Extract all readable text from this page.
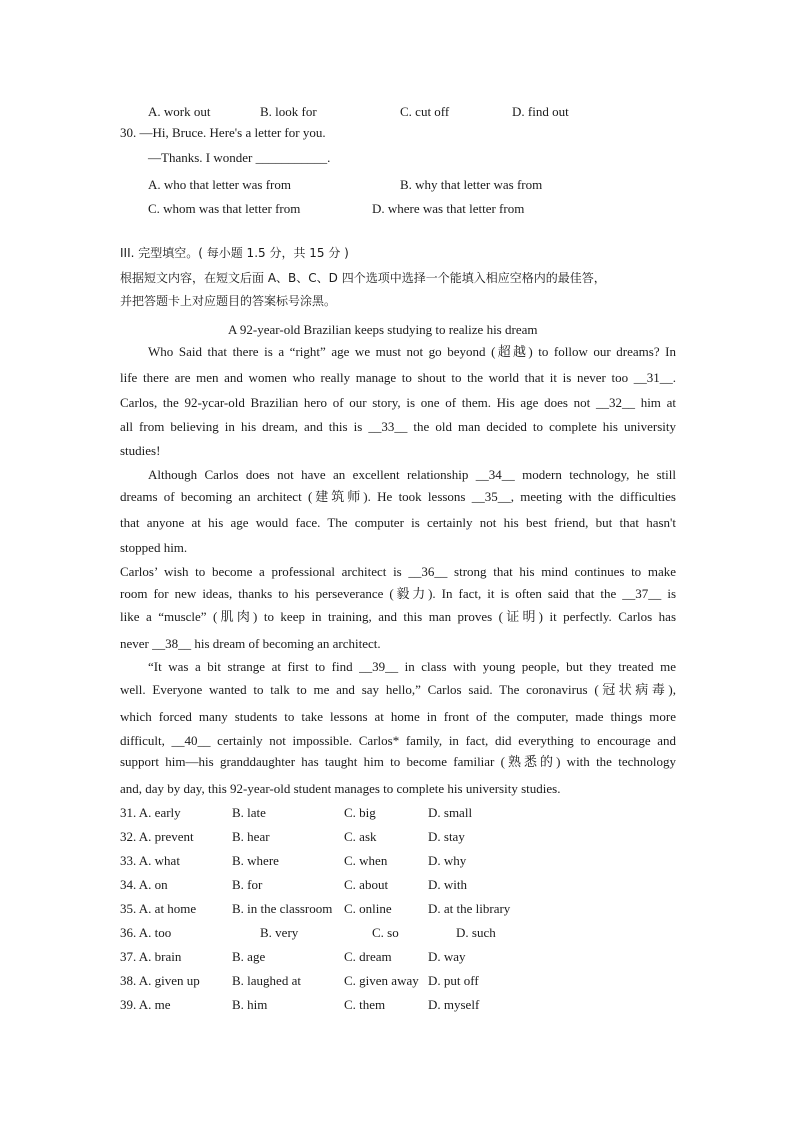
A. work out	B. look for	C. cut off	D. find out
30. —Hi, Bruce. Here's a letter for you.
—Thanks. I wonder ___________.
A. who that letter was from	B. why that letter was from
C. whom was that letter from	D. where was that letter from
III. 完型填空。( 每小题 1.5 分，共 15 分 )
根据短文内容，在短文后面 A、B、C、D 四个选项中选择一个能填入相应空格内的最佳答，
并把答题卡上对应题目的答案标号涂黑。
A 92-year-old Brazilian keeps studying to realize his dream
Who Said that there is a “right” age we must not go beyond (超越) to follow our dreams? In
life there are men and women who really manage to shout to the world that it is never too __31__.
Carlos, the 92-ycar-old Brazilian hero of our story, is one of them. His age does not __32__ him at
all from believing in his dream, and this is __33__ the old man decided to complete his university
studies!
Although Carlos does not have an excellent relationship __34__ modern technology, he still
dreams of becoming an architect (建筑师). He took lessons __35__, meeting with the difficulties
that anyone at his age would face. The computer is certainly not his best friend, but that hasn't
stopped him.
Carlos’ wish to become a professional architect is __36__ strong that his mind continues to make
room for new ideas, thanks to his perseverance (毅力). In fact, it is often said that the __37__ is
like a “muscle” (肌肉) to keep in training, and this man proves (证明) it perfectly. Carlos has
never __38__ his dream of becoming an architect.
“It was a bit strange at first to find __39__ in class with young people, but they treated me
well. Everyone wanted to talk to me and say hello,” Carlos said. The coronavirus (冠状病毒),
which forced many students to take lessons at home in front of the computer, made things more
difficult, __40__ certainly not impossible. Carlos* family, in fact, did everything to encourage and
support him—his granddaughter has taught him to become familiar (熟悉的) with the technology
and, day by day, this 92-year-old student manages to complete his university studies.
31. A. early	B. late	C. big	D. small
32. A. prevent	B. hear	C. ask	D. stay
33. A. what	B. where	C. when	D. why
34. A. on	B. for	C. about	D. with
35. A. at home	B. in the classroom C. online	D. at the library
36. A. too	B. very	C. so	D. such
37. A. brain	B. age	C. dream	D. way
38. A. given up B. laughed at	C. given away D. put off
39. A. me	B. him	C. them	D. myself
